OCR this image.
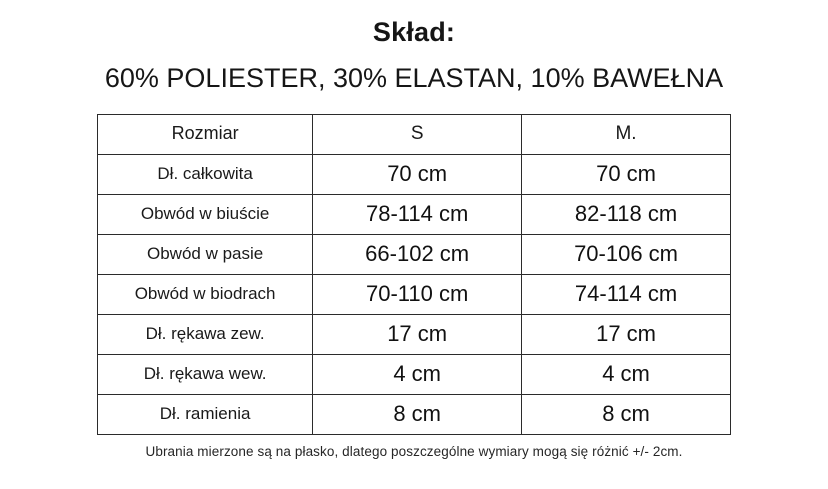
Skład:
60% POLIESTER, 30% ELASTAN, 10% BAWEŁNA
Rozmiar	S	M.
Dł. całkowita	70 cm	70 cm
Obwód w biuście	78-114 cm	82-118 cm
Obwód w pasie	66-102 cm	70-106 cm
Obwód w biodrach	70-110 cm	74-114 cm
Dł. rękawa zew.	17 cm	17 cm
Dł. rękawa wew.	4 cm	4 cm
Dł. ramienia	8 cm	8 cm

Ubrania mierzone są na płasko, dlatego poszczególne wymiary mogą się różnić +/- 2cm.
